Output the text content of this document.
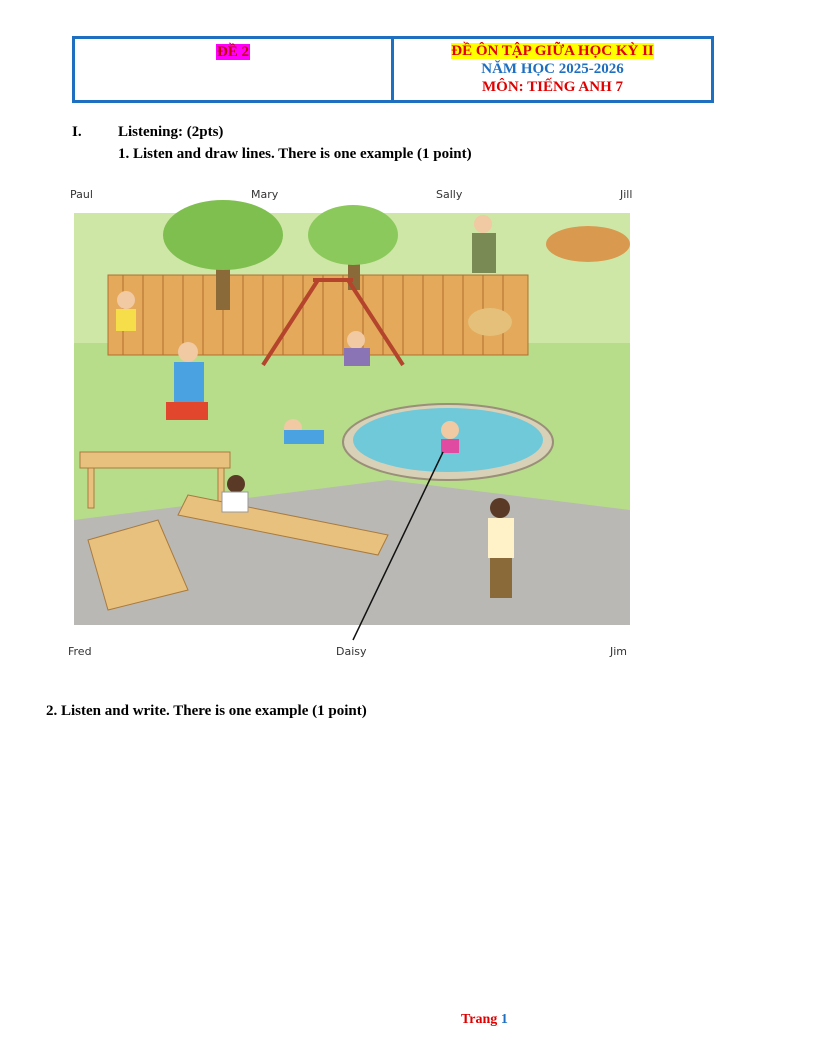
ĐỀ 2	ĐỀ ÔN TẬP GIỮA HỌC KỲ II
NĂM HỌC 2025-2026
MÔN: TIẾNG ANH 7
I. Listening: (2pts)
1. Listen and draw lines. There is one example (1 point)
Paul	Mary	Sally	Jill
Fred	Daisy	Jim
2. Listen and write. There is one example (1 point)
Trang 1
